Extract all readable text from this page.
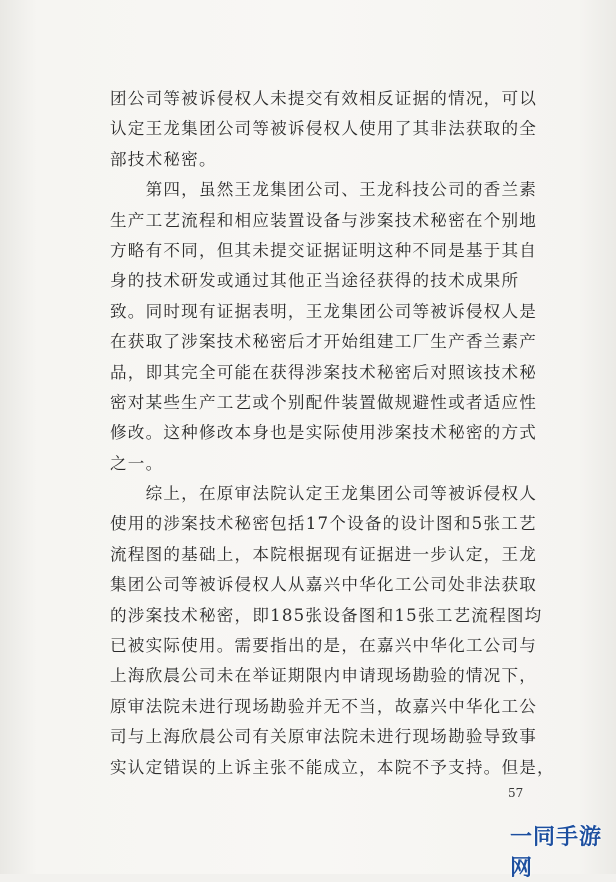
团公司等被诉侵权人未提交有效相反证据的情况，可以
认定王龙集团公司等被诉侵权人使用了其非法获取的全
部技术秘密。
　　第四，虽然王龙集团公司、王龙科技公司的香兰素
生产工艺流程和相应装置设备与涉案技术秘密在个别地
方略有不同，但其未提交证据证明这种不同是基于其自
身的技术研发或通过其他正当途径获得的技术成果所
致。同时现有证据表明，王龙集团公司等被诉侵权人是
在获取了涉案技术秘密后才开始组建工厂生产香兰素产
品，即其完全可能在获得涉案技术秘密后对照该技术秘
密对某些生产工艺或个别配件装置做规避性或者适应性
修改。这种修改本身也是实际使用涉案技术秘密的方式
之一。
　　综上，在原审法院认定王龙集团公司等被诉侵权人
使用的涉案技术秘密包括17个设备的设计图和5张工艺
流程图的基础上，本院根据现有证据进一步认定，王龙
集团公司等被诉侵权人从嘉兴中华化工公司处非法获取
的涉案技术秘密，即185张设备图和15张工艺流程图均
已被实际使用。需要指出的是，在嘉兴中华化工公司与
上海欣晨公司未在举证期限内申请现场勘验的情况下，
原审法院未进行现场勘验并无不当，故嘉兴中华化工公
司与上海欣晨公司有关原审法院未进行现场勘验导致事
实认定错误的上诉主张不能成立，本院不予支持。但是，
57
一同手游网
